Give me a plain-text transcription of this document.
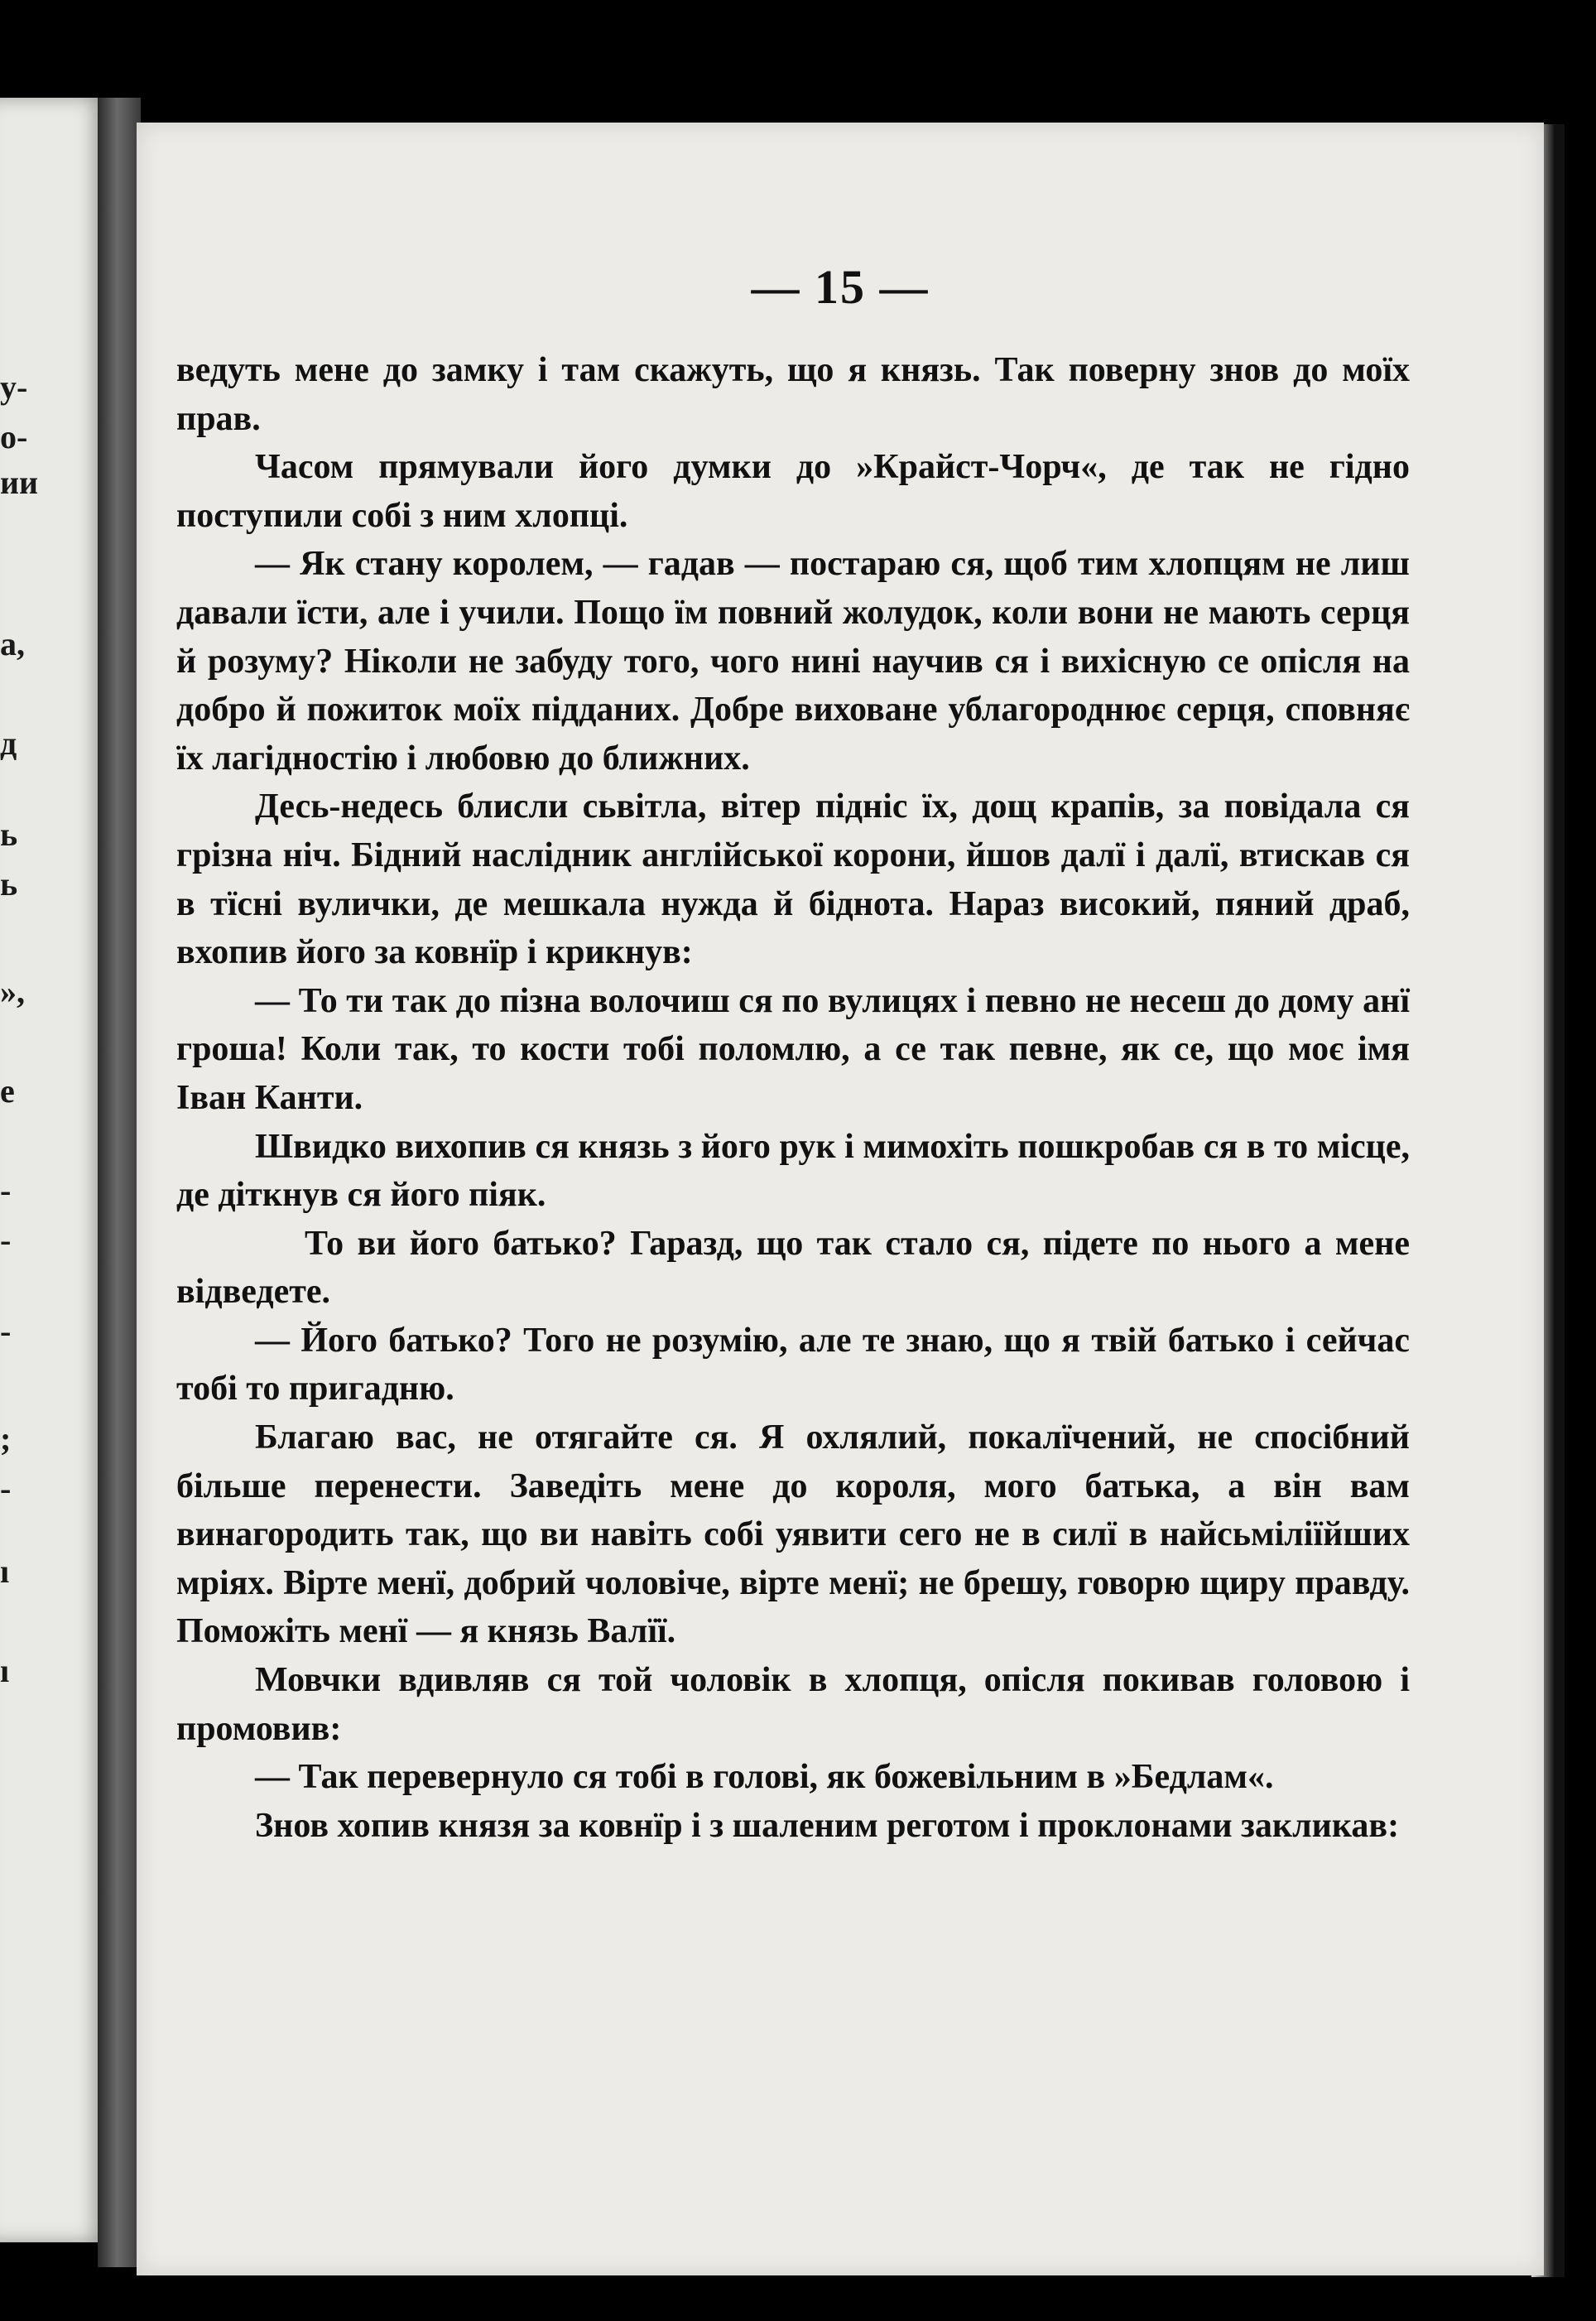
у-
о-
ии
а,
д
ь
ь
»,
е
-
-
-
;
-
ı
ı
— 15 —

ведуть мене до замку і там скажуть, що я князь. Так поверну знов до моїх прав.

Часом прямували його думки до »Крайст-Чорч«, де так не гідно поступили собі з ним хлопці.

— Як стану королем, — гадав — постараю ся, щоб тим хлопцям не лиш давали їсти, але і учили. Пощо їм повний жолудок, коли вони не мають серця й розуму? Ніколи не забуду того, чого нині научив ся і вихісную се опісля на добро й пожиток моїх підданих. Добре виховане ублагороднює серця, сповняє їх лагідностію і любовю до ближних.

Десь-недесь блисли сьвітла, вітер підніс їх, дощ крапів, за повідала ся грізна ніч. Бідний наслідник англійської корони, йшов далї і далї, втискав ся в тїсні вулички, де мешкала нужда й біднота. Нараз високий, пяний драб, вхопив його за ковнїр і крикнув:

— То ти так до пізна волочиш ся по вулицях і певно не несеш до дому анї гроша! Коли так, то кости тобі поломлю, а се так певне, як се, що моє імя Іван Канти.

Швидко вихопив ся князь з його рук і мимохіть пошкробав ся в то місце, де діткнув ся його піяк.

То ви його батько? Гаразд, що так стало ся, підете по нього а мене відведете.

— Його батько? Того не розумію, але те знаю, що я твій батько і сейчас тобі то пригадню.

Благаю вас, не отягайте ся. Я охлялий, покалїчений, не спосібний більше перенести. Заведіть мене до короля, мого батька, а він вам винагородить так, що ви навіть собі уявити сего не в силї в найсьміліїйших мріях. Вірте менї, добрий чоловіче, вірте менї; не брешу, говорю щиру правду. Поможіть менї — я князь Валїї.

Мовчки вдивляв ся той чоловік в хлопця, опісля покивав головою і промовив:

— Так перевернуло ся тобі в голові, як божевільним в »Бедлам«.

Знов хопив князя за ковнїр і з шаленим реготом і проклонами закликав:
